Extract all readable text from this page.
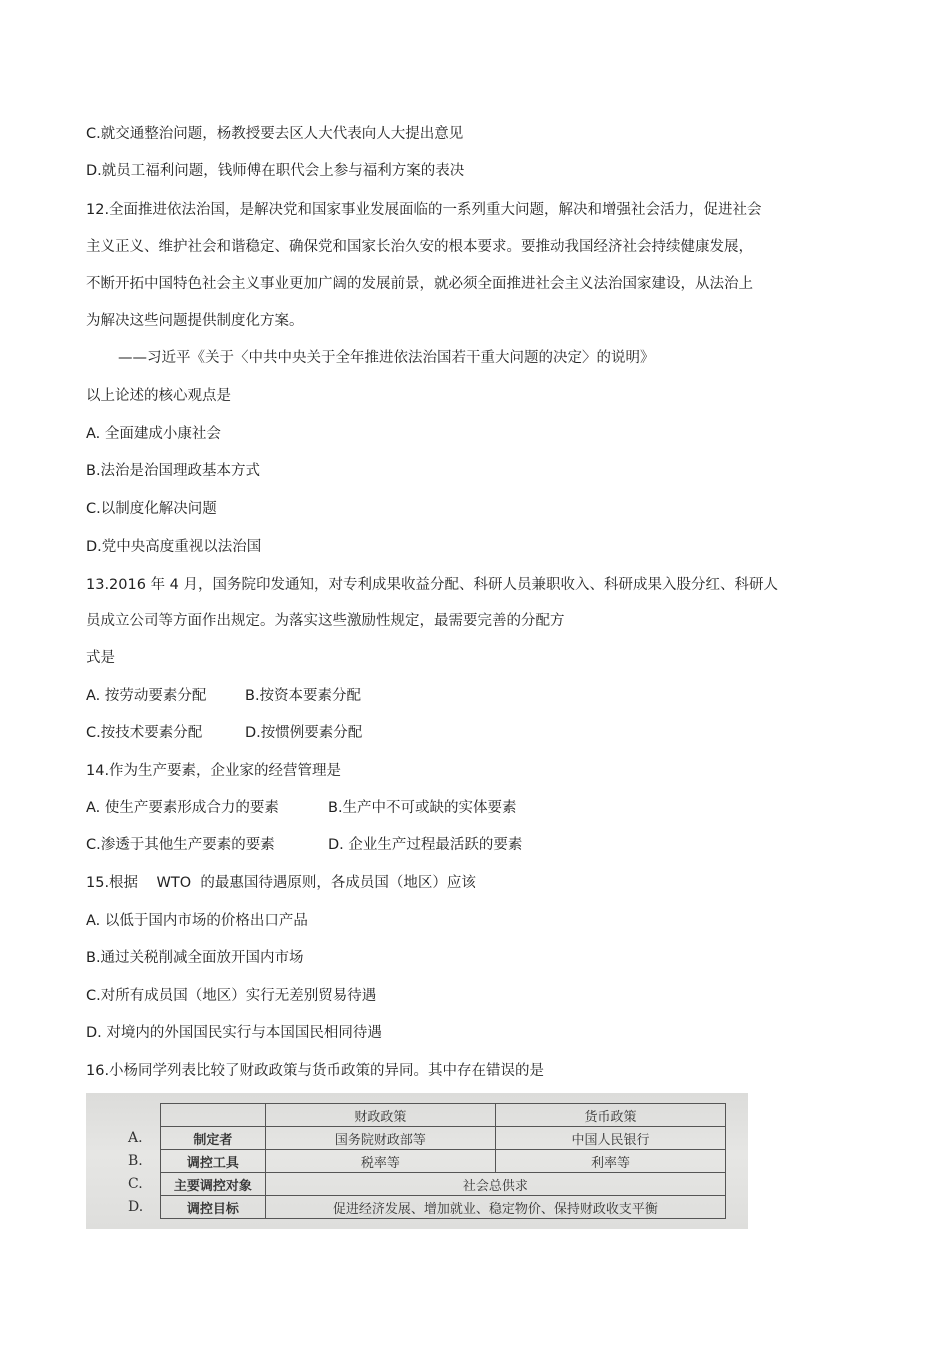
C.就交通整治问题，杨教授要去区人大代表向人大提出意见
D.就员工福利问题，钱师傅在职代会上参与福利方案的表决
12.全面推进依法治国，是解决党和国家事业发展面临的一系列重大问题，解决和增强社会活力，促进社会
主义正义、维护社会和谐稳定、确保党和国家长治久安的根本要求。要推动我国经济社会持续健康发展，
不断开拓中国特色社会主义事业更加广阔的发展前景，就必须全面推进社会主义法治国家建设，从法治上
为解决这些问题提供制度化方案。
——习近平《关于〈中共中央关于全年推进依法治国若干重大问题的决定〉的说明》
以上论述的核心观点是
A. 全面建成小康社会
B.法治是治国理政基本方式
C.以制度化解决问题
D.党中央高度重视以法治国
13.2016 年 4 月，国务院印发通知，对专利成果收益分配、科研人员兼职收入、科研成果入股分红、科研人
员成立公司等方面作出规定。为落实这些激励性规定，最需要完善的分配方
式是
A. 按劳动要素分配	B.按资本要素分配
C.按技术要素分配	D.按惯例要素分配
14.作为生产要素，企业家的经营管理是
A. 使生产要素形成合力的要素	B.生产中不可或缺的实体要素
C.渗透于其他生产要素的要素	D. 企业生产过程最活跃的要素
15.根据    WTO  的最惠国待遇原则，各成员国（地区）应该
A. 以低于国内市场的价格出口产品
B.通过关税削减全面放开国内市场
C.对所有成员国（地区）实行无差别贸易待遇
D. 对境内的外国国民实行与本国国民相同待遇
16.小杨同学列表比较了财政政策与货币政策的异同。其中存在错误的是
A.
B.
C.
D.
	财政政策	货币政策
制定者	国务院财政部等	中国人民银行
调控工具	税率等	利率等
主要调控对象	社会总供求	
调控目标	促进经济发展、增加就业、稳定物价、保持财政收支平衡	
